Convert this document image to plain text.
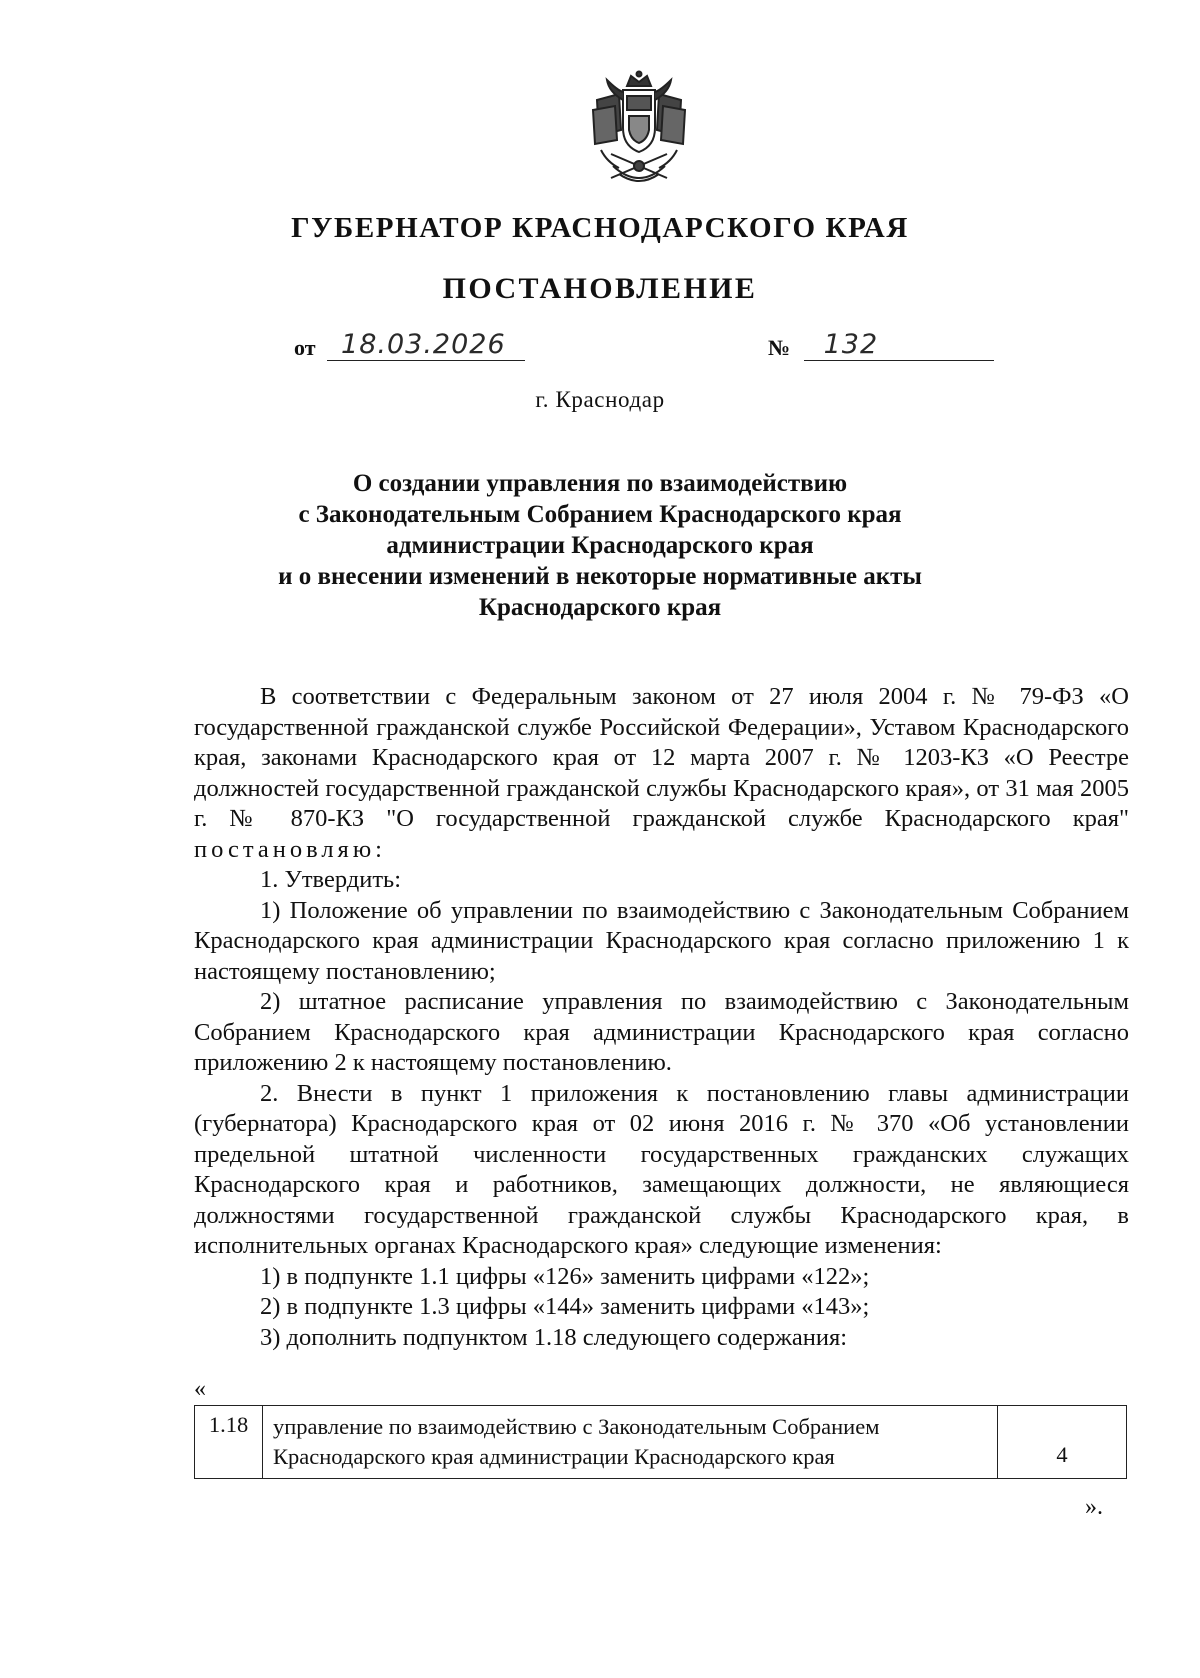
ГУБЕРНАТОР КРАСНОДАРСКОГО КРАЯ
ПОСТАНОВЛЕНИЕ
от 18.03.2026	№ 132
г. Краснодар
О создании управления по взаимодействию
с Законодательным Собранием Краснодарского края
администрации Краснодарского края
и о внесении изменений в некоторые нормативные акты
Краснодарского края

В соответствии с Федеральным законом от 27 июля 2004 г. № 79-ФЗ «О государственной гражданской службе Российской Федерации», Уставом Краснодарского края, законами Краснодарского края от 12 марта 2007 г. № 1203-КЗ «О Реестре должностей государственной гражданской службы Краснодарского края», от 31 мая 2005 г. № 870-КЗ "О государственной гражданской службе Краснодарского края" постановляю:

1. Утвердить:

1) Положение об управлении по взаимодействию с Законодательным Собранием Краснодарского края администрации Краснодарского края согласно приложению 1 к настоящему постановлению;

2) штатное расписание управления по взаимодействию с Законодательным Собранием Краснодарского края администрации Краснодарского края согласно приложению 2 к настоящему постановлению.

2. Внести в пункт 1 приложения к постановлению главы администрации (губернатора) Краснодарского края от 02 июня 2016 г. № 370 «Об установлении предельной штатной численности государственных гражданских служащих Краснодарского края и работников, замещающих должности, не являющиеся должностями государственной гражданской службы Краснодарского края, в исполнительных органах Краснодарского края» следующие изменения:

1) в подпункте 1.1 цифры «126» заменить цифрами «122»;

2) в подпункте 1.3 цифры «144» заменить цифрами «143»;

3) дополнить подпунктом 1.18 следующего содержания:

«
1.18	управление по взаимодействию с Законодательным Собранием
Краснодарского края администрации Краснодарского края	4
».
